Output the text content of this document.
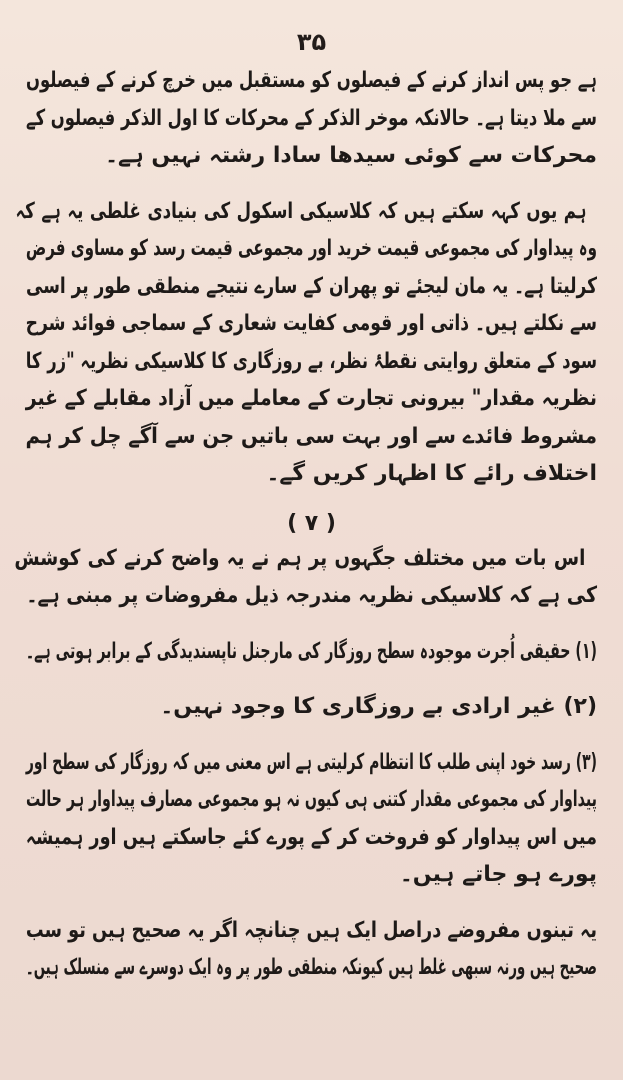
۳۵
ہے جو پس انداز کرنے کے فیصلوں کو مستقبل میں خرچ کرنے کے فیصلوں
سے ملا دیتا ہے۔ حالانکہ موخر الذکر کے محرکات کا اول الذکر فیصلوں کے
محرکات سے کوئی سیدھا سادا رشتہ نہیں ہے۔
ہم یوں کہہ سکتے ہیں کہ کلاسیکی اسکول کی بنیادی غلطی یہ ہے کہ
وہ پیداوار کی مجموعی قیمت خرید اور مجموعی قیمت رسد کو مساوی فرض
کرلیتا ہے۔ یہ مان لیجئے تو پھران کے سارے نتیجے منطقی طور پر اسی
سے نکلتے ہیں۔ ذاتی اور قومی کفایت شعاری کے سماجی فوائد شرح
سود کے متعلق روایتی نقطۂ نظر، بے روزگاری کا کلاسیکی نظریہ "زر کا
نظریہ مقدار" بیرونی تجارت کے معاملے میں آزاد مقابلے کے غیر
مشروط فائدے سے اور بہت سی باتیں جن سے آگے چل کر ہم
اختلاف رائے کا اظہار کریں گے۔
( ۷ )
اس بات میں مختلف جگہوں پر ہم نے یہ واضح کرنے کی کوشش
کی ہے کہ کلاسیکی نظریہ مندرجہ ذیل مفروضات پر مبنی ہے۔
(۱) حقیقی اُجرت موجودہ سطح روزگار کی مارجنل ناپسندیدگی کے برابر ہوتی ہے۔
(۲) غیر ارادی بے روزگاری کا وجود نہیں۔
(۳) رسد خود اپنی طلب کا انتظام کرلیتی ہے اس معنی میں کہ روزگار کی سطح اور
پیداوار کی مجموعی مقدار کتنی ہی کیوں نہ ہو مجموعی مصارف پیداوار ہر حالت
میں اس پیداوار کو فروخت کر کے پورے کئے جاسکتے ہیں اور ہمیشہ
پورے ہو جاتے ہیں۔
یہ تینوں مفروضے دراصل ایک ہیں چنانچہ اگر یہ صحیح ہیں تو سب
صحیح ہیں ورنہ سبھی غلط ہیں کیونکہ منطقی طور پر وہ ایک دوسرے سے منسلک ہیں۔
